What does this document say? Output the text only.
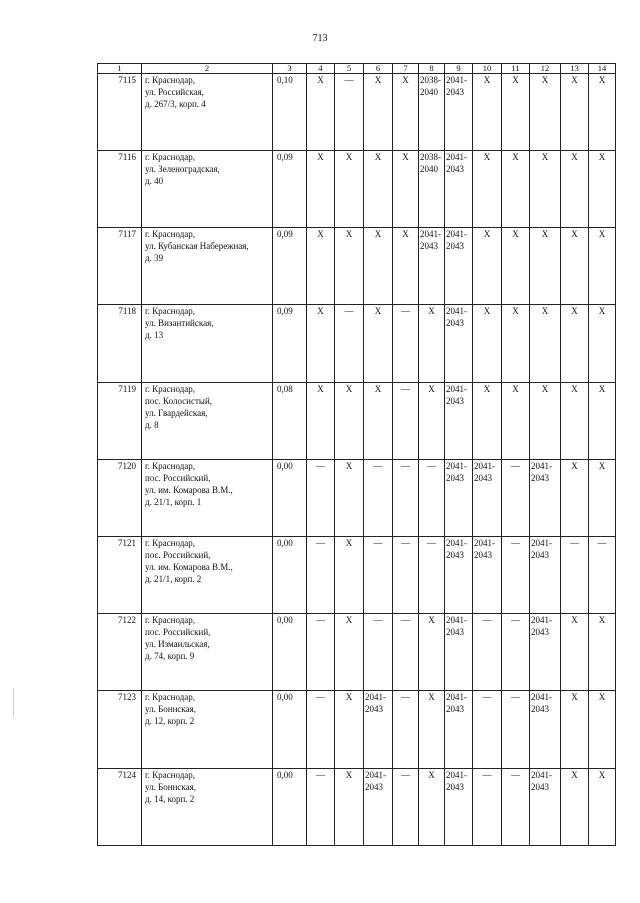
713
1	2	3	4	5	6	7	8	9	10	11	12	13	14
7115	г. Краснодар,
ул. Российская,
д. 267/3, корп. 4	0,10	Х	—	Х	Х	2038-
2040	2041-
2043	Х	Х	Х	Х	Х
7116	г. Краснодар,
ул. Зеленоградская,
д. 40	0,09	Х	Х	Х	Х	2038-
2040	2041-
2043	Х	Х	Х	Х	Х
7117	г. Краснодар,
ул. Кубанская Набережная,
д. 39	0,09	Х	Х	Х	Х	2041-
2043	2041-
2043	Х	Х	Х	Х	Х
7118	г. Краснодар,
ул. Византийская,
д. 13	0,09	Х	—	Х	—	Х	2041-
2043	Х	Х	Х	Х	Х
7119	г. Краснодар,
пос. Колосистый,
ул. Гвардейская,
д. 8	0,08	Х	Х	Х	—	Х	2041-
2043	Х	Х	Х	Х	Х
7120	г. Краснодар,
пос. Российский,
ул. им. Комарова В.М.,
д. 21/1, корп. 1	0,00	—	Х	—	—	—	2041-
2043	2041-
2043	—	2041-
2043	Х	Х
7121	г. Краснодар,
пос. Российский,
ул. им. Комарова В.М.,
д. 21/1, корп. 2	0,00	—	Х	—	—	—	2041-
2043	2041-
2043	—	2041-
2043	—	—
7122	г. Краснодар,
пос. Российский,
ул. Измаильская,
д. 74, корп. 9	0,00	—	Х	—	—	Х	2041-
2043	—	—	2041-
2043	Х	Х
7123	г. Краснодар,
ул. Боннская,
д. 12, корп. 2	0,00	—	Х	2041-
2043	—	Х	2041-
2043	—	—	2041-
2043	Х	Х
7124	г. Краснодар,
ул. Боннская,
д. 14, корп. 2	0,00	—	Х	2041-
2043	—	Х	2041-
2043	—	—	2041-
2043	Х	Х
